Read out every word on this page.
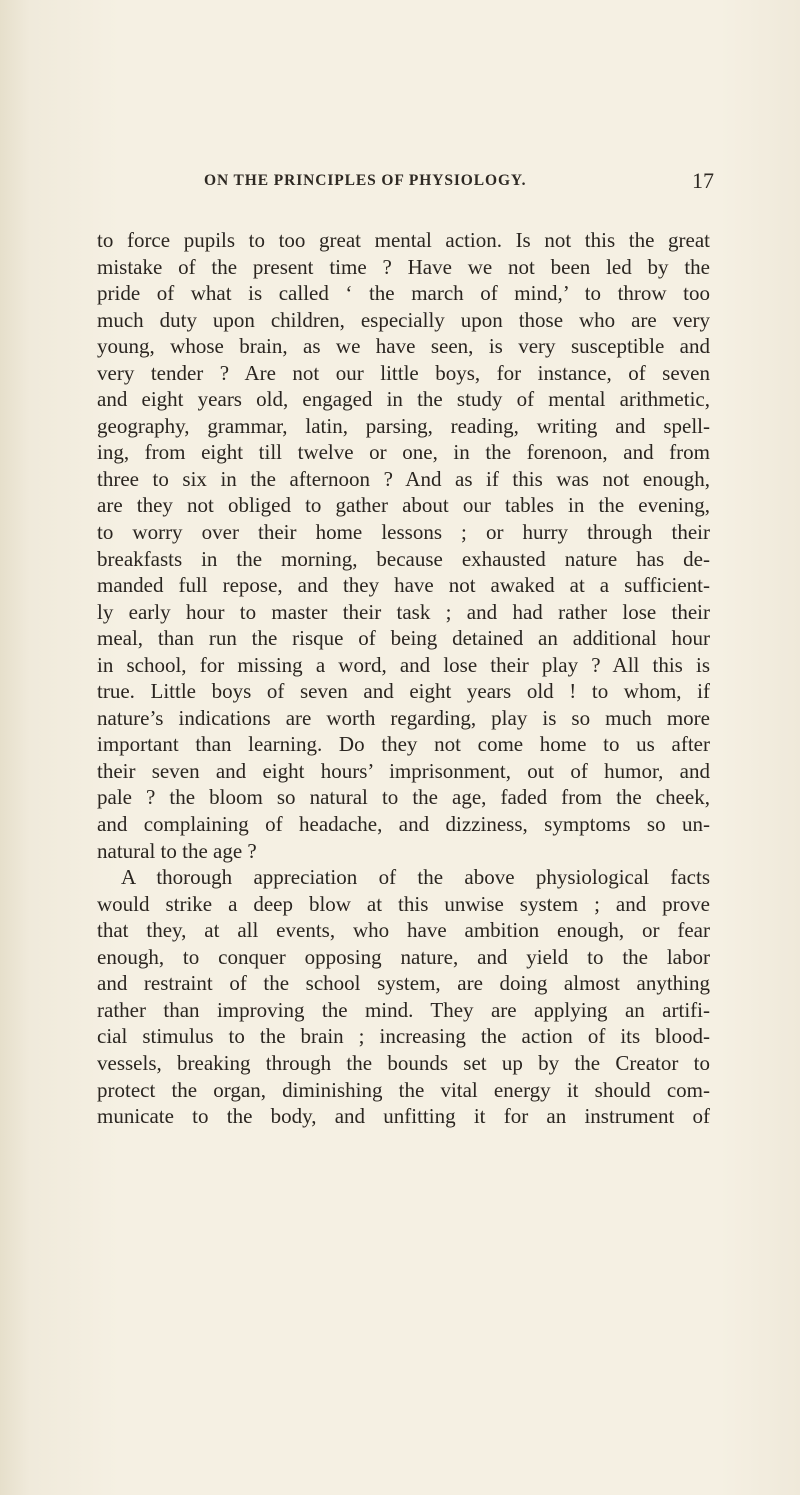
ON THE PRINCIPLES OF PHYSIOLOGY.	17
to force pupils to too great mental action. Is not this the great
mistake of the present time ? Have we not been led by the
pride of what is called ‘ the march of mind,’ to throw too
much duty upon children, especially upon those who are very
young, whose brain, as we have seen, is very susceptible and
very tender ? Are not our little boys, for instance, of seven
and eight years old, engaged in the study of mental arithmetic,
geography, grammar, latin, parsing, reading, writing and spell-
ing, from eight till twelve or one, in the forenoon, and from
three to six in the afternoon ? And as if this was not enough,
are they not obliged to gather about our tables in the evening,
to worry over their home lessons ; or hurry through their
breakfasts in the morning, because exhausted nature has de-
manded full repose, and they have not awaked at a sufficient-
ly early hour to master their task ; and had rather lose their
meal, than run the risque of being detained an additional hour
in school, for missing a word, and lose their play ? All this is
true. Little boys of seven and eight years old ! to whom, if
nature’s indications are worth regarding, play is so much more
important than learning. Do they not come home to us after
their seven and eight hours’ imprisonment, out of humor, and
pale ? the bloom so natural to the age, faded from the cheek,
and complaining of headache, and dizziness, symptoms so un-
natural to the age ?
A thorough appreciation of the above physiological facts
would strike a deep blow at this unwise system ; and prove
that they, at all events, who have ambition enough, or fear
enough, to conquer opposing nature, and yield to the labor
and restraint of the school system, are doing almost anything
rather than improving the mind. They are applying an artifi-
cial stimulus to the brain ; increasing the action of its blood-
vessels, breaking through the bounds set up by the Creator to
protect the organ, diminishing the vital energy it should com-
municate to the body, and unfitting it for an instrument of
